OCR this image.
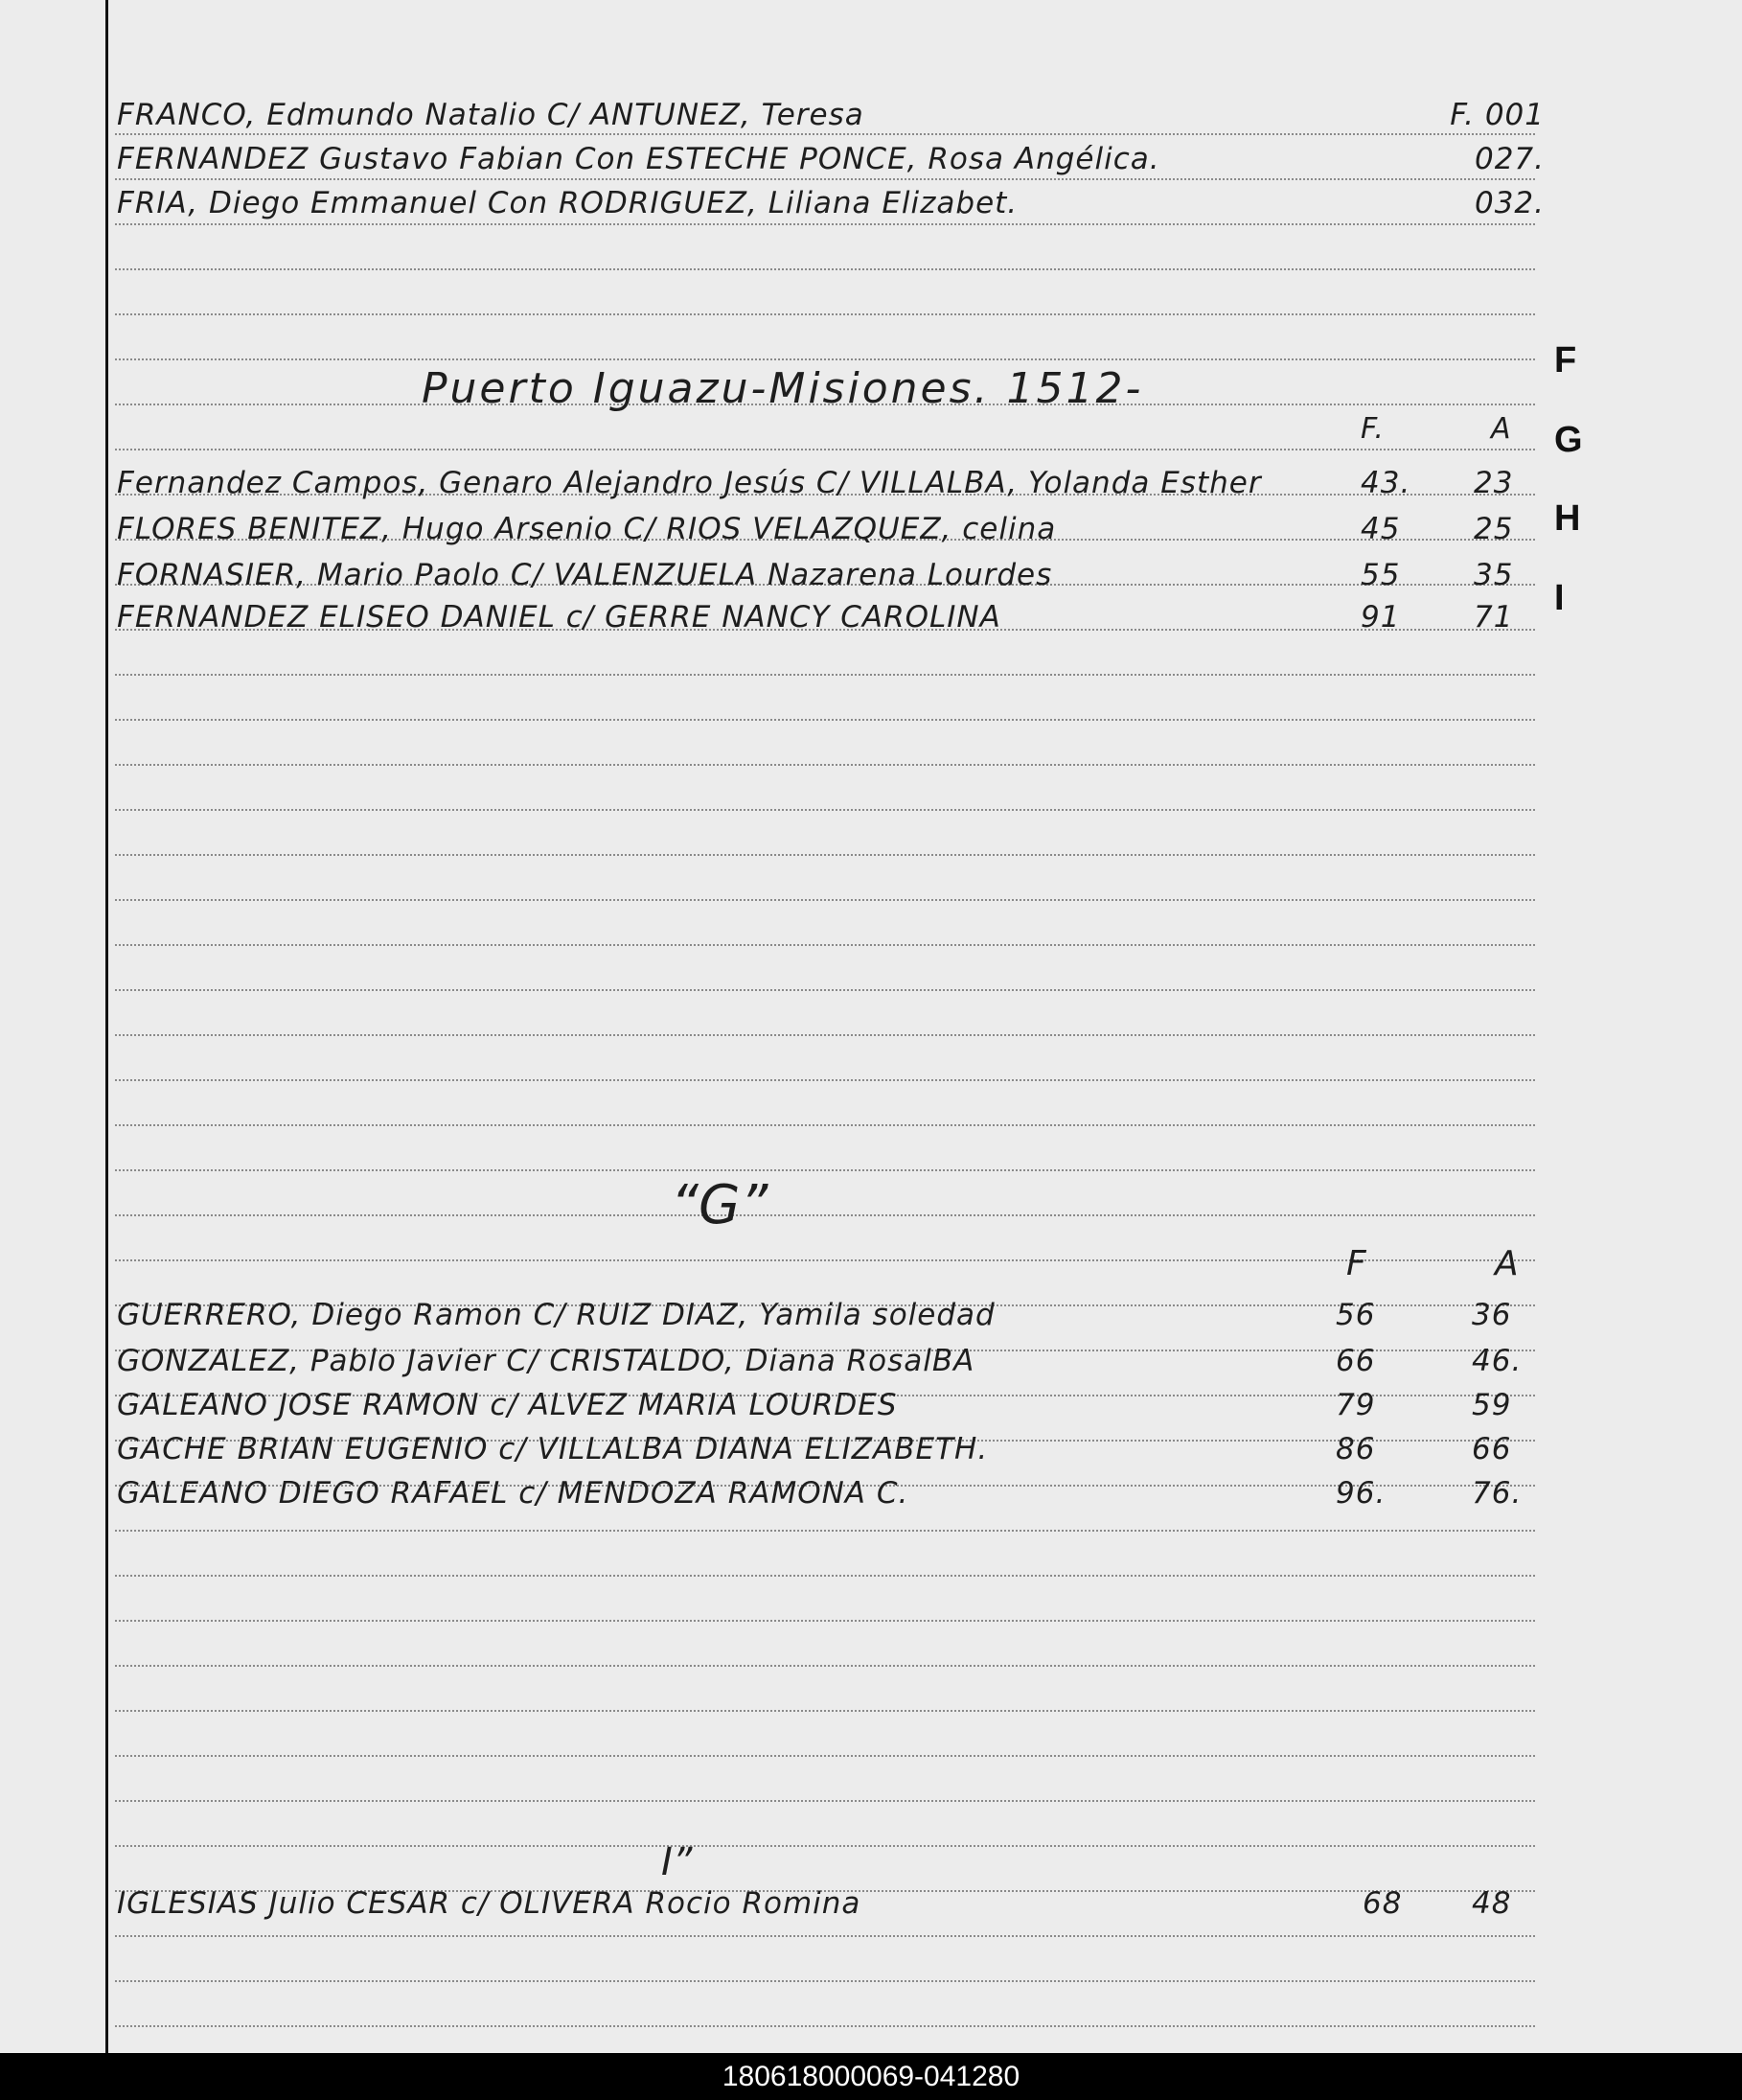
FRANCO, Edmundo Natalio C/ ANTUNEZ, Teresa	F. 001
FERNANDEZ Gustavo Fabian Con ESTECHE PONCE, Rosa Angélica.	027.
FRIA, Diego Emmanuel Con RODRIGUEZ, Liliana Elizabet.	032.
Puerto Iguazu-Misiones. 1512-
F.	A
Fernandez Campos, Genaro Alejandro Jesús C/ VILLALBA, Yolanda Esther	43. 23
FLORES BENITEZ, Hugo Arsenio C/ RIOS VELAZQUEZ, celina	45 25
FORNASIER, Mario Paolo C/ VALENZUELA Nazarena Lourdes	55 35
FERNANDEZ ELISEO DANIEL c/ GERRE NANCY CAROLINA	91 71
“G”
F	A
GUERRERO, Diego Ramon C/ RUIZ DIAZ, Yamila soledad	56	36
GONZALEZ, Pablo Javier C/ CRISTALDO, Diana RosalBA	66	46.
GALEANO JOSE RAMON c/ ALVEZ MARIA LOURDES	79	59
GACHE BRIAN EUGENIO c/ VILLALBA DIANA ELIZABETH.	86	66
GALEANO DIEGO RAFAEL c/ MENDOZA RAMONA C.	96.	76.
I”
IGLESIAS Julio CESAR c/ OLIVERA Rocio Romina	68 48
F
G
H
I
180618000069-041280
